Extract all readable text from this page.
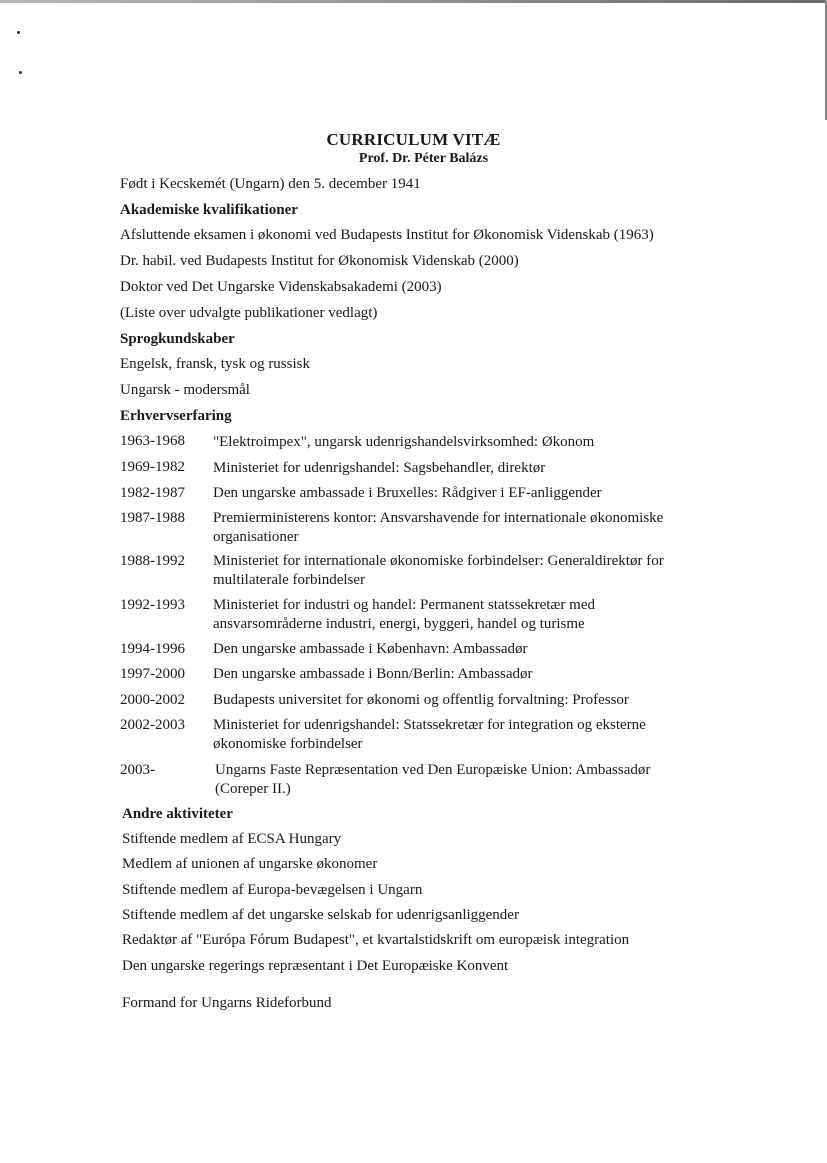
CURRICULUM VITÆ
Prof. Dr. Péter Balázs
Født i Kecskemét (Ungarn) den 5. december 1941
Akademiske kvalifikationer
Afsluttende eksamen i økonomi ved Budapests Institut for Økonomisk Videnskab (1963)
Dr. habil. ved Budapests Institut for Økonomisk Videnskab (2000)
Doktor ved Det Ungarske Videnskabsakademi (2003)
(Liste over udvalgte publikationer vedlagt)
Sprogkundskaber
Engelsk, fransk, tysk og russisk
Ungarsk - modersmål
Erhvervserfaring
1963-1968 "Elektroimpex", ungarsk udenrigshandelsvirksomhed: Økonom
1969-1982 Ministeriet for udenrigshandel: Sagsbehandler, direktør
1982-1987 Den ungarske ambassade i Bruxelles: Rådgiver i EF-anliggender
1987-1988 Premierministerens kontor: Ansvarshavende for internationale økonomiske
organisationer
1988-1992 Ministeriet for internationale økonomiske forbindelser: Generaldirektør for
multilaterale forbindelser
1992-1993 Ministeriet for industri og handel: Permanent statssekretær med
ansvarsområderne industri, energi, byggeri, handel og turisme
1994-1996 Den ungarske ambassade i København: Ambassadør
1997-2000 Den ungarske ambassade i Bonn/Berlin: Ambassadør
2000-2002 Budapests universitet for økonomi og offentlig forvaltning: Professor
2002-2003 Ministeriet for udenrigshandel: Statssekretær for integration og eksterne
økonomiske forbindelser
2003-	Ungarns Faste Repræsentation ved Den Europæiske Union: Ambassadør
(Coreper II.)
Andre aktiviteter
Stiftende medlem af ECSA Hungary
Medlem af unionen af ungarske økonomer
Stiftende medlem af Europa-bevægelsen i Ungarn
Stiftende medlem af det ungarske selskab for udenrigsanliggender
Redaktør af "Európa Fórum Budapest", et kvartalstidskrift om europæisk integration
Den ungarske regerings repræsentant i Det Europæiske Konvent
Formand for Ungarns Rideforbund
